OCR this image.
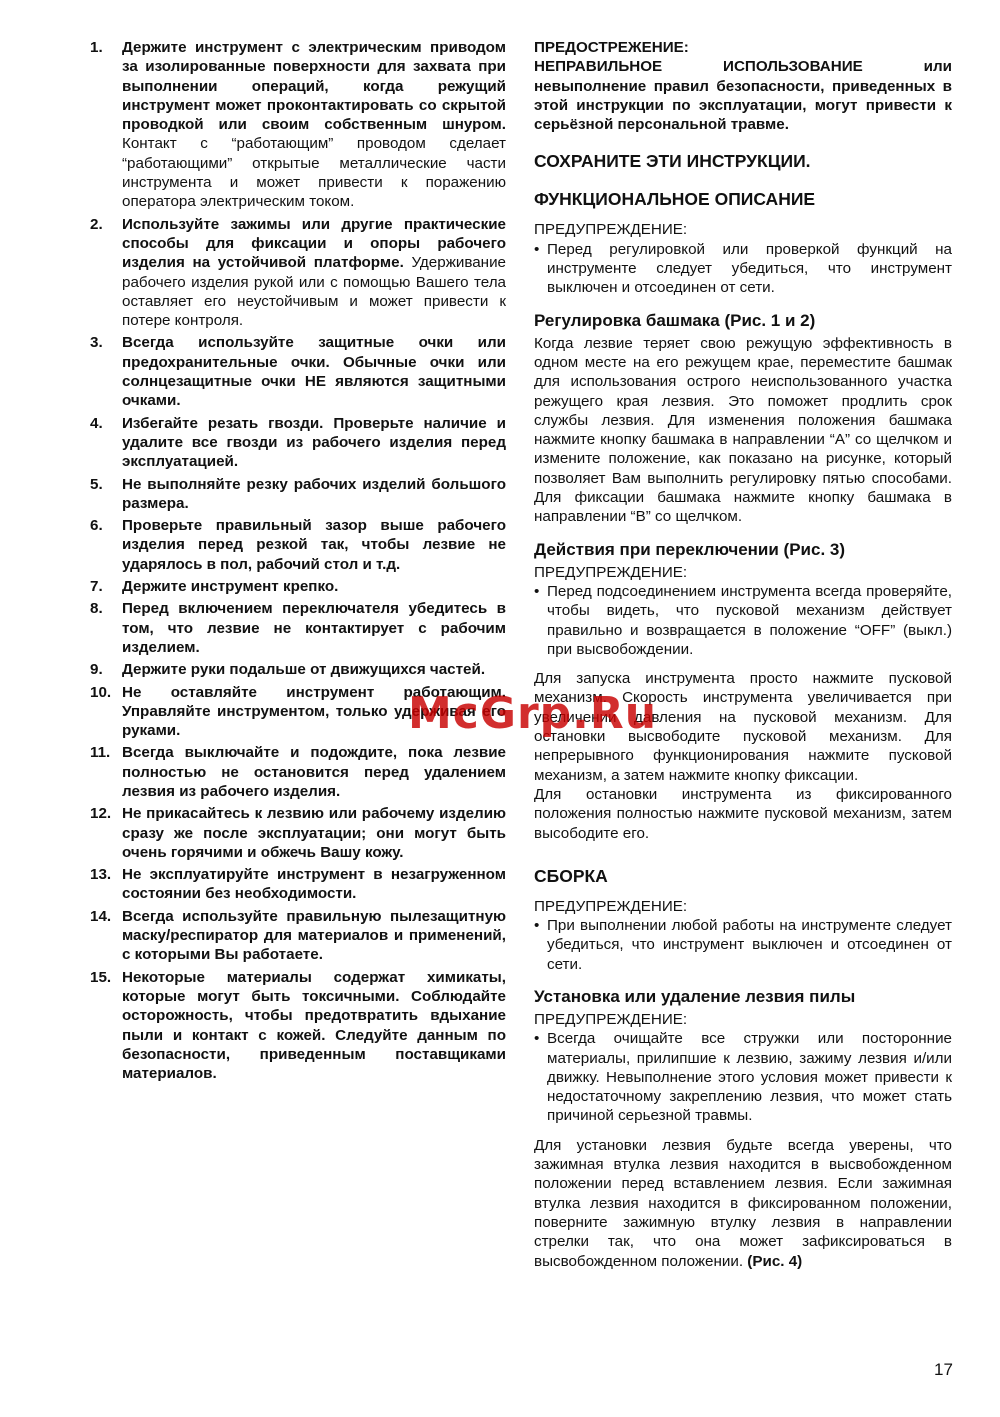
1. Держите инструмент с электрическим приводом за изолированные поверхности для захвата при выполнении операций, когда режущий инструмент может проконтактировать со скрытой проводкой или своим собственным шнуром. Контакт с “работающим” проводом сделает “работающими” открытые металлические части инструмента и может привести к поражению оператора электрическим током.
2. Используйте зажимы или другие практические способы для фиксации и опоры рабочего изделия на устойчивой платформе. Удерживание рабочего изделия рукой или с помощью Вашего тела оставляет его неустойчивым и может привести к потере контроля.
3. Всегда используйте защитные очки или предохранительные очки. Обычные очки или солнцезащитные очки НЕ являются защитными очками.
4. Избегайте резать гвозди. Проверьте наличие и удалите все гвозди из рабочего изделия перед эксплуатацией.
5. Не выполняйте резку рабочих изделий большого размера.
6. Проверьте правильный зазор выше рабочего изделия перед резкой так, чтобы лезвие не ударялось в пол, рабочий стол и т.д.
7. Держите инструмент крепко.
8. Перед включением переключателя убедитесь в том, что лезвие не контактирует с рабочим изделием.
9. Держите руки подальше от движущихся частей.
10. Не оставляйте инструмент работающим. Управляйте инструментом, только удерживая его руками.
11. Всегда выключайте и подождите, пока лезвие полностью не остановится перед удалением лезвия из рабочего изделия.
12. Не прикасайтесь к лезвию или рабочему изделию сразу же после эксплуатации; они могут быть очень горячими и обжечь Вашу кожу.
13. Не эксплуатируйте инструмент в незагруженном состоянии без необходимости.
14. Всегда используйте правильную пылезащитную маску/респиратор для материалов и применений, с которыми Вы работаете.
15. Некоторые материалы содержат химикаты, которые могут быть токсичными. Соблюдайте осторожность, чтобы предотвратить вдыхание пыли и контакт с кожей. Следуйте данным по безопасности, приведенным поставщиками материалов.

ПРЕДОСТРЕЖЕНИЕ:

НЕПРАВИЛЬНОЕ ИСПОЛЬЗОВАНИЕ или невыполнение правил безопасности, приведенных в этой инструкции по эксплуатации, могут привести к серьёзной персональной травме.

СОХРАНИТЕ ЭТИ ИНСТРУКЦИИ.
ФУНКЦИОНАЛЬНОЕ ОПИСАНИЕ

ПРЕДУПРЕЖДЕНИЕ:

• Перед регулировкой или проверкой функций на инструменте следует убедиться, что инструмент выключен и отсоединен от сети.
Регулировка башмака (Рис. 1 и 2)

Когда лезвие теряет свою режущую эффективность в одном месте на его режущем крае, переместите башмак для использования острого неиспользованного участка режущего края лезвия. Это поможет продлить срок службы лезвия. Для изменения положения башмака нажмите кнопку башмака в направлении “A” со щелчком и измените положение, как показано на рисунке, который позволяет Вам выполнить регулировку пятью способами. Для фиксации башмака нажмите кнопку башмака в направлении “B” со щелчком.

Действия при переключении (Рис. 3)

ПРЕДУПРЕЖДЕНИЕ:

• Перед подсоединением инструмента всегда проверяйте, чтобы видеть, что пусковой механизм действует правильно и возвращается в положение “OFF” (выкл.) при высвобождении.

Для запуска инструмента просто нажмите пусковой механизм. Скорость инструмента увеличивается при увеличении давления на пусковой механизм. Для остановки высвободите пусковой механизм. Для непрерывного функционирования нажмите пусковой механизм, а затем нажмите кнопку фиксации.

Для остановки инструмента из фиксированного положения полностью нажмите пусковой механизм, затем высободите его.

СБОРКА

ПРЕДУПРЕЖДЕНИЕ:

• При выполнении любой работы на инструменте следует убедиться, что инструмент выключен и отсоединен от сети.
Установка или удаление лезвия пилы

ПРЕДУПРЕЖДЕНИЕ:

• Всегда очищайте все стружки или посторонние материалы, прилипшие к лезвию, зажиму лезвия и/или движку. Невыполнение этого условия может привести к недостаточному закреплению лезвия, что может стать причиной серьезной травмы.

Для установки лезвия будьте всегда уверены, что зажимная втулка лезвия находится в высвобожденном положении перед вставлением лезвия. Если зажимная втулка лезвия находится в фиксированном положении, поверните зажимную втулку лезвия в направлении стрелки так, что она может зафиксироваться в высвобожденном положении. (Рис. 4)

McGrp.Ru
17
